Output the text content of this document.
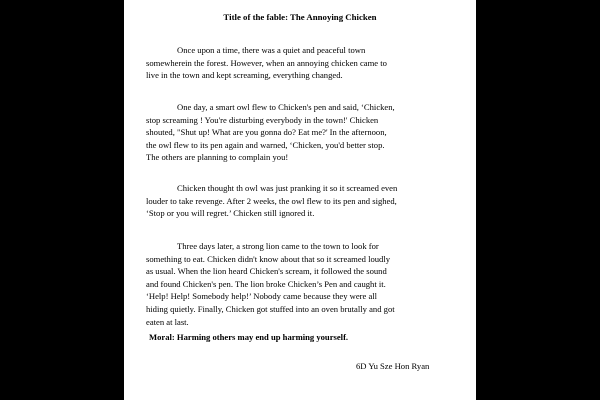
Title of the fable: The Annoying Chicken
Once upon a time, there was a quiet and peaceful town
somewherein the forest. However, when an annoying chicken came to
live in the town and kept screaming, everything changed.
One day, a smart owl flew to Chicken's pen and said, ‘Chicken,
stop screaming ! You're disturbing everybody in the town!' Chicken
shouted, "Shut up! What are you gonna do? Eat me?' In the afternoon,
the owl flew to its pen again and warned, ‘Chicken, you'd better stop.
The others are planning to complain you!
Chicken thought th owl was just pranking it so it screamed even
louder to take revenge. After 2 weeks, the owl flew to its pen and sighed,
‘Stop or you will regret.’ Chicken still ignored it.
Three days later, a strong lion came to the town to look for
something to eat. Chicken didn't know about that so it screamed loudly
as usual. When the lion heard Chicken's scream, it followed the sound
and found Chicken's pen. The lion broke Chicken’s Pen and caught it.
‘Help! Help! Somebody help!’ Nobody came because they were all
hiding quietly. Finally, Chicken got stuffed into an oven brutally and got
eaten at last.
Moral: Harming others may end up harming yourself.
6D Yu Sze Hon Ryan
